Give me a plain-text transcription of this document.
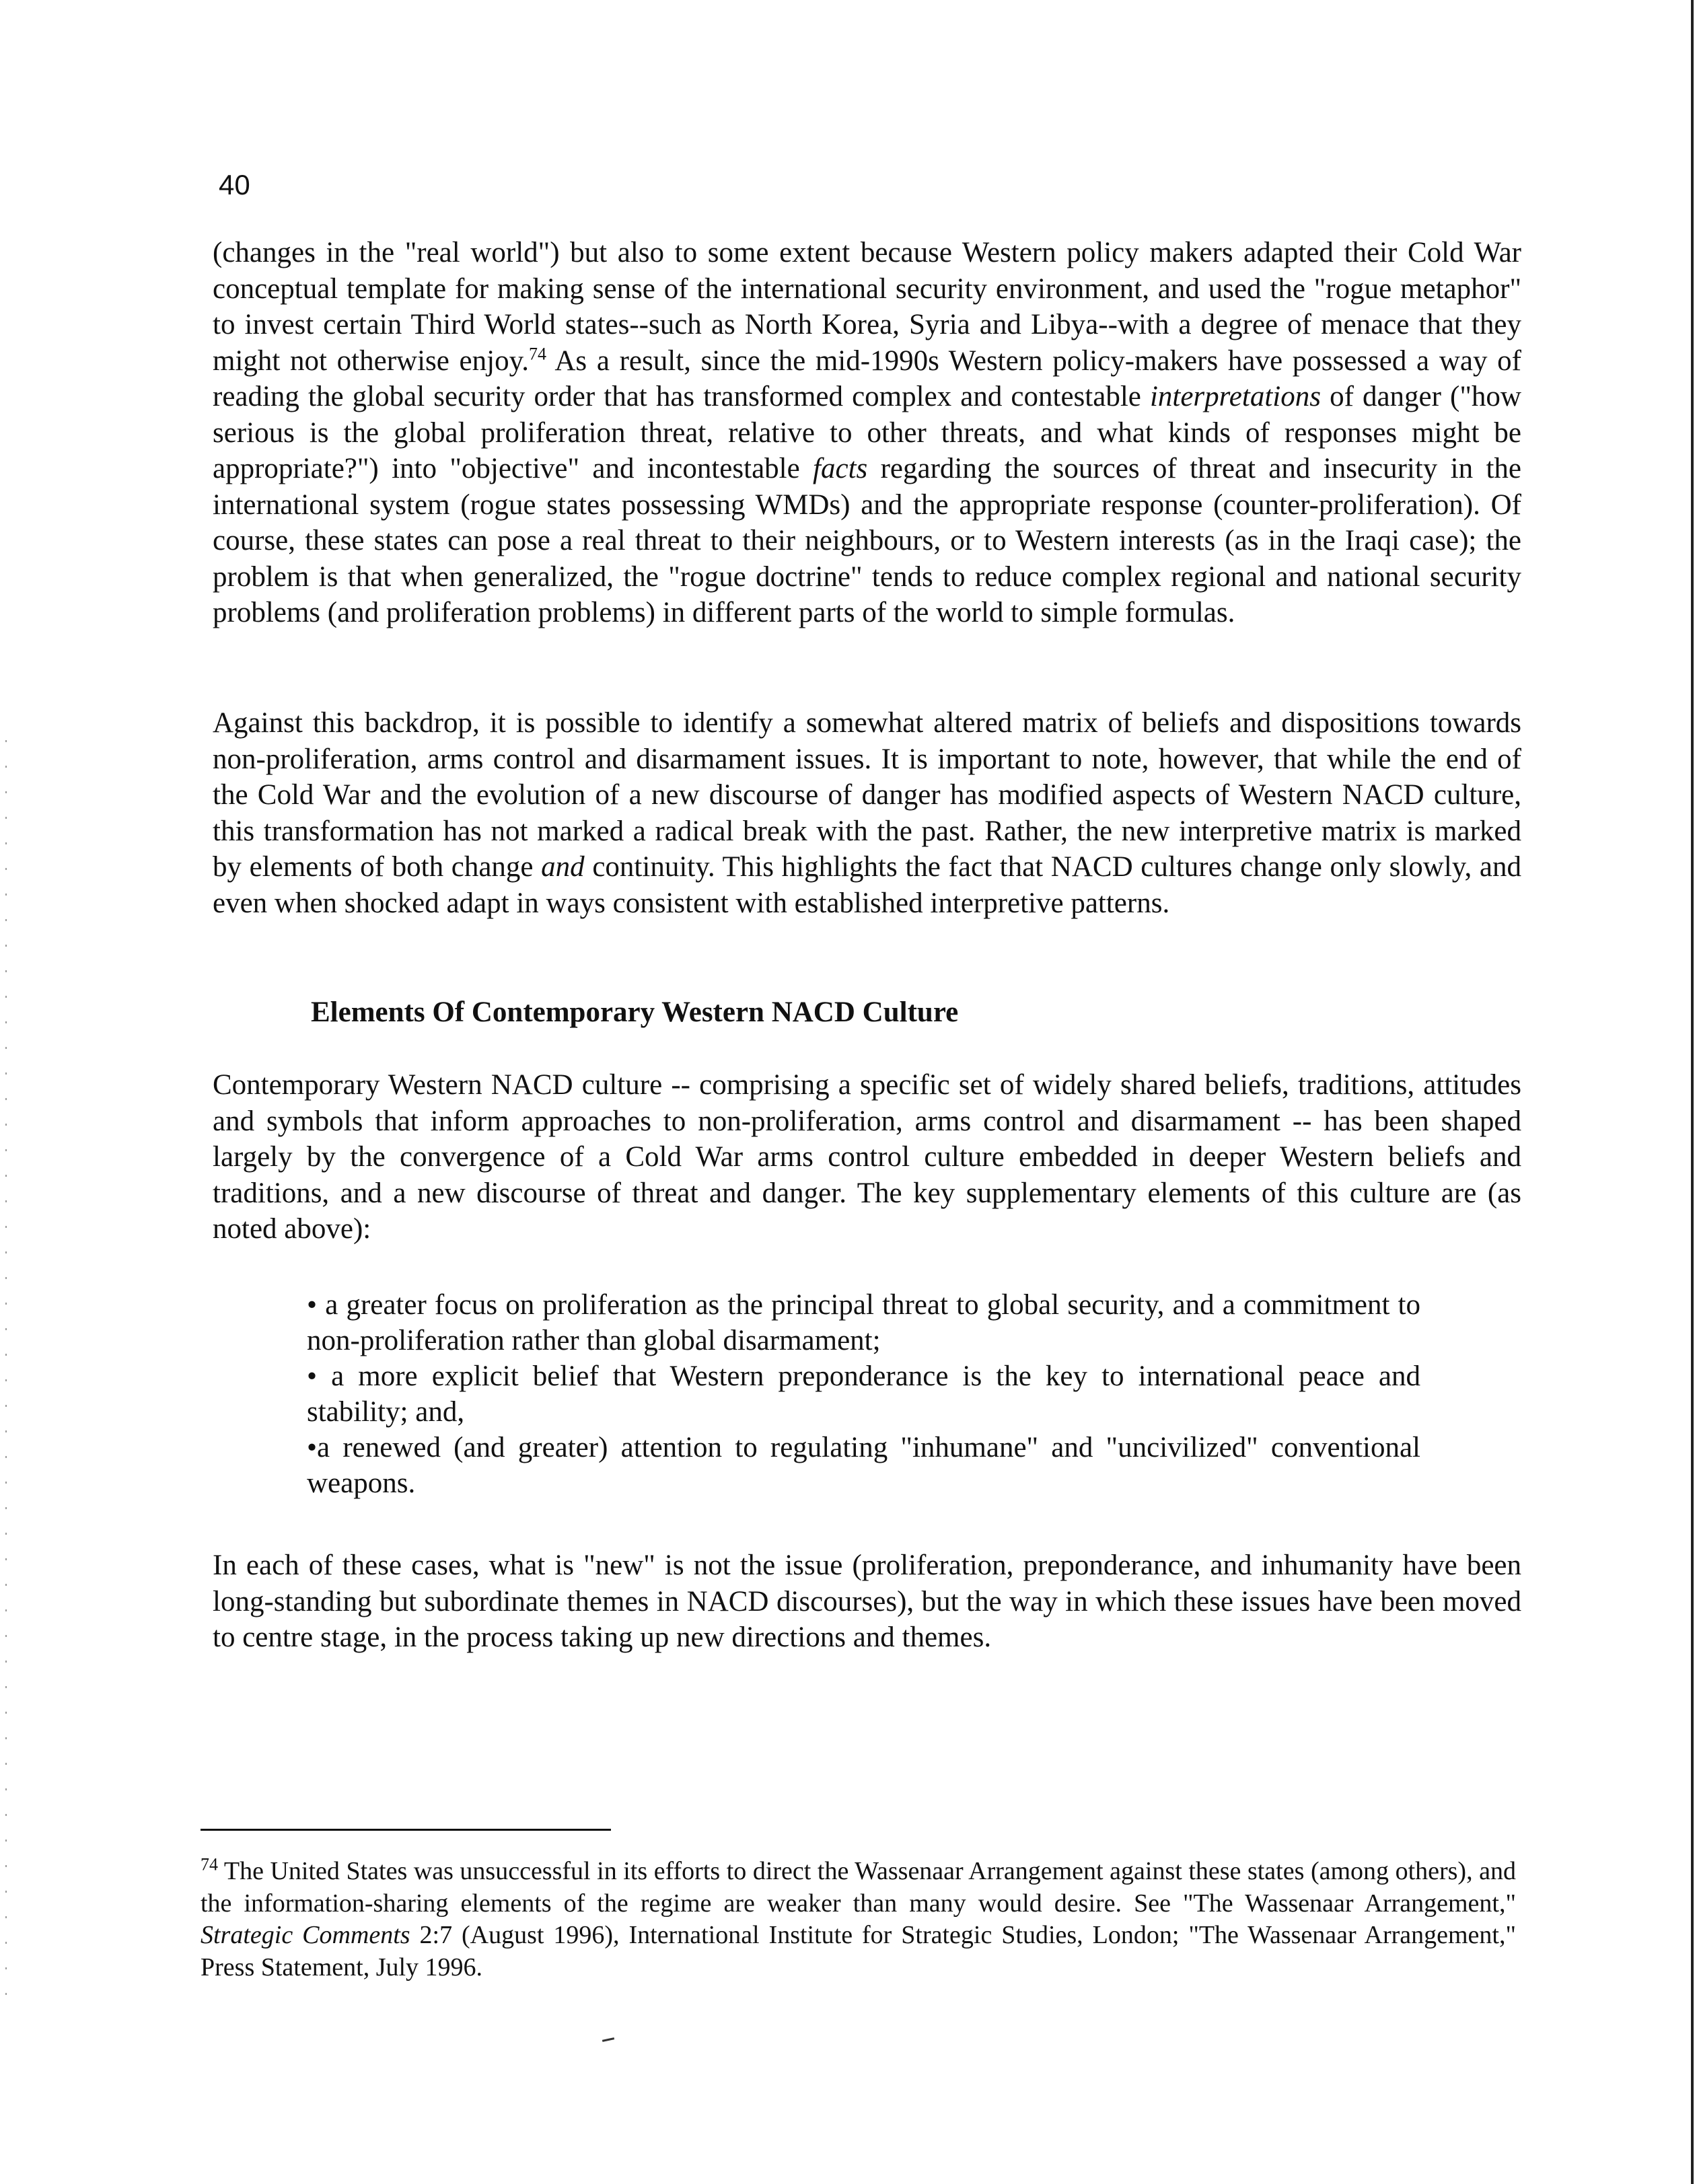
40

(changes in the "real world") but also to some extent because Western policy makers adapted their Cold War conceptual template for making sense of the international security environment, and used the "rogue metaphor" to invest certain Third World states--such as North Korea, Syria and Libya--with a degree of menace that they might not otherwise enjoy.$^{74}$ As a result, since the mid-1990s Western policy-makers have possessed a way of reading the global security order that has transformed complex and contestable interpretations of danger ("how serious is the global proliferation threat, relative to other threats, and what kinds of responses might be appropriate?") into "objective" and incontestable facts regarding the sources of threat and insecurity in the international system (rogue states possessing WMDs) and the appropriate response (counter-proliferation). Of course, these states can pose a real threat to their neighbours, or to Western interests (as in the Iraqi case); the problem is that when generalized, the "rogue doctrine" tends to reduce complex regional and national security problems (and proliferation problems) in different parts of the world to simple formulas.

Against this backdrop, it is possible to identify a somewhat altered matrix of beliefs and dispositions towards non-proliferation, arms control and disarmament issues. It is important to note, however, that while the end of the Cold War and the evolution of a new discourse of danger has modified aspects of Western NACD culture, this transformation has not marked a radical break with the past. Rather, the new interpretive matrix is marked by elements of both change and continuity. This highlights the fact that NACD cultures change only slowly, and even when shocked adapt in ways consistent with established interpretive patterns.

Elements Of Contemporary Western NACD Culture

Contemporary Western NACD culture -- comprising a specific set of widely shared beliefs, traditions, attitudes and symbols that inform approaches to non-proliferation, arms control and disarmament -- has been shaped largely by the convergence of a Cold War arms control culture embedded in deeper Western beliefs and traditions, and a new discourse of threat and danger. The key supplementary elements of this culture are (as noted above):

• a greater focus on proliferation as the principal threat to global security, and a commitment to non-proliferation rather than global disarmament;
• a more explicit belief that Western preponderance is the key to international peace and stability; and,
•a renewed (and greater) attention to regulating "inhumane" and "uncivilized" conventional weapons.

In each of these cases, what is "new" is not the issue (proliferation, preponderance, and inhumanity have been long-standing but subordinate themes in NACD discourses), but the way in which these issues have been moved to centre stage, in the process taking up new directions and themes.

$^{74}$ The United States was unsuccessful in its efforts to direct the Wassenaar Arrangement against these states (among others), and the information-sharing elements of the regime are weaker than many would desire. See "The Wassenaar Arrangement," Strategic Comments 2:7 (August 1996), International Institute for Strategic Studies, London; "The Wassenaar Arrangement," Press Statement, July 1996.
